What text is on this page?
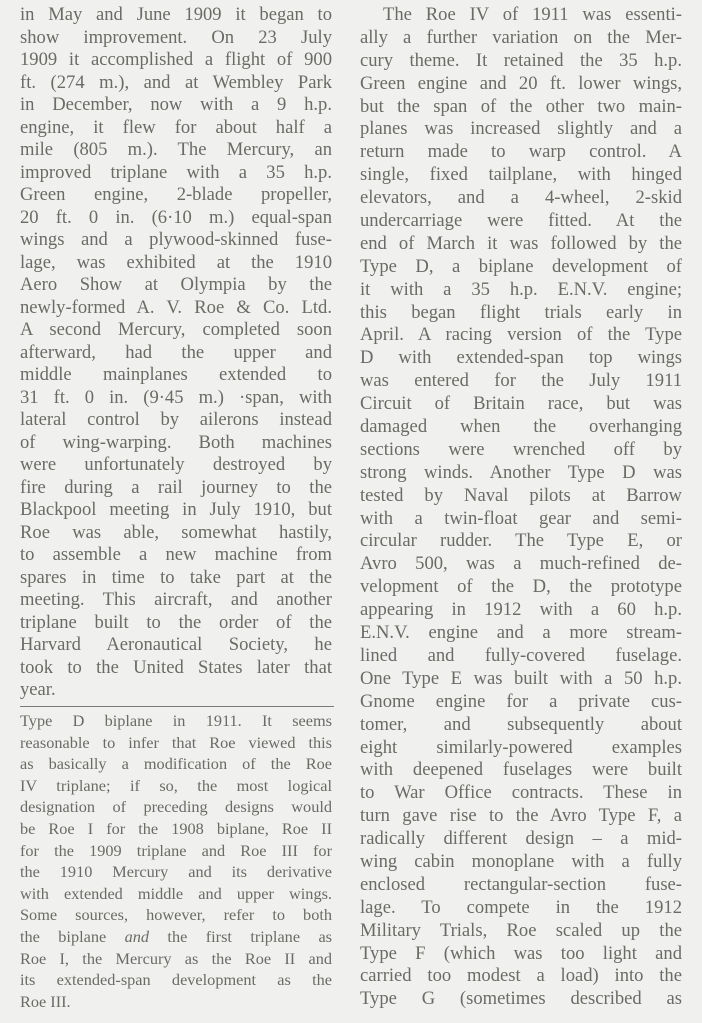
in May and June 1909 it began to
show improvement. On 23 July
1909 it accomplished a flight of 900
ft. (274 m.), and at Wembley Park
in December, now with a 9 h.p.
engine, it flew for about half a
mile (805 m.). The Mercury, an
improved triplane with a 35 h.p.
Green engine, 2-blade propeller,
20 ft. 0 in. (6·10 m.) equal-span
wings and a plywood-skinned fuse-
lage, was exhibited at the 1910
Aero Show at Olympia by the
newly-formed A. V. Roe & Co. Ltd.
A second Mercury, completed soon
afterward, had the upper and
middle mainplanes extended to
31 ft. 0 in. (9·45 m.) ·span, with
lateral control by ailerons instead
of wing-warping. Both machines
were unfortunately destroyed by
fire during a rail journey to the
Blackpool meeting in July 1910, but
Roe was able, somewhat hastily,
to assemble a new machine from
spares in time to take part at the
meeting. This aircraft, and another
triplane built to the order of the
Harvard Aeronautical Society, he
took to the United States later that
year.
Type D biplane in 1911. It seems
reasonable to infer that Roe viewed this
as basically a modification of the Roe
IV triplane; if so, the most logical
designation of preceding designs would
be Roe I for the 1908 biplane, Roe II
for the 1909 triplane and Roe III for
the 1910 Mercury and its derivative
with extended middle and upper wings.
Some sources, however, refer to both
the biplane and the first triplane as
Roe I, the Mercury as the Roe II and
its extended-span development as the
Roe III.
The Roe IV of 1911 was essenti-
ally a further variation on the Mer-
cury theme. It retained the 35 h.p.
Green engine and 20 ft. lower wings,
but the span of the other two main-
planes was increased slightly and a
return made to warp control. A
single, fixed tailplane, with hinged
elevators, and a 4-wheel, 2-skid
undercarriage were fitted. At the
end of March it was followed by the
Type D, a biplane development of
it with a 35 h.p. E.N.V. engine;
this began flight trials early in
April. A racing version of the Type
D with extended-span top wings
was entered for the July 1911
Circuit of Britain race, but was
damaged when the overhanging
sections were wrenched off by
strong winds. Another Type D was
tested by Naval pilots at Barrow
with a twin-float gear and semi-
circular rudder. The Type E, or
Avro 500, was a much-refined de-
velopment of the D, the prototype
appearing in 1912 with a 60 h.p.
E.N.V. engine and a more stream-
lined and fully-covered fuselage.
One Type E was built with a 50 h.p.
Gnome engine for a private cus-
tomer, and subsequently about
eight similarly-powered examples
with deepened fuselages were built
to War Office contracts. These in
turn gave rise to the Avro Type F, a
radically different design – a mid-
wing cabin monoplane with a fully
enclosed rectangular-section fuse-
lage. To compete in the 1912
Military Trials, Roe scaled up the
Type F (which was too light and
carried too modest a load) into the
Type G (sometimes described as
